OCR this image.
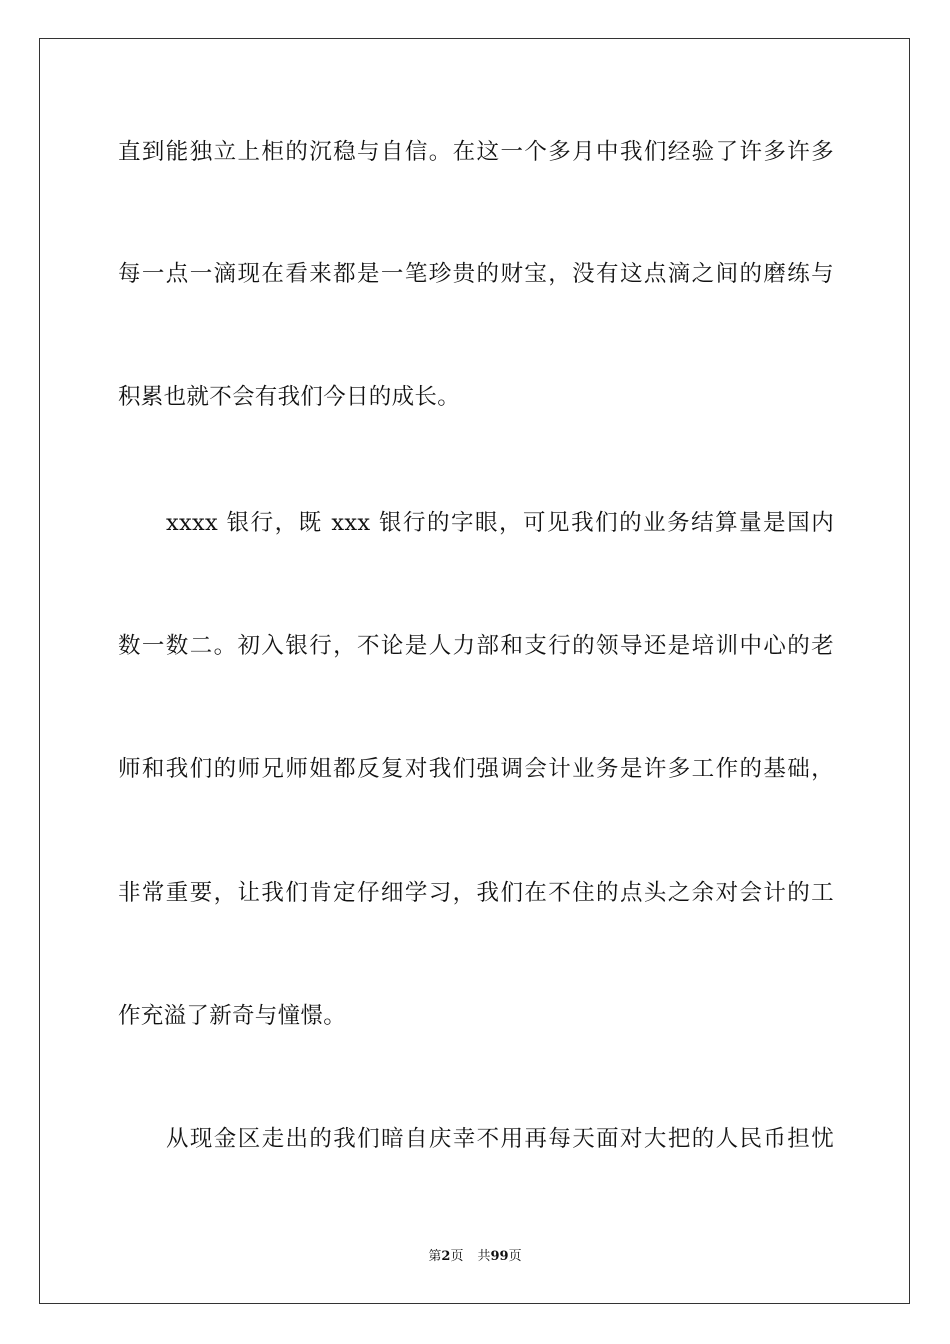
直到能独立上柜的沉稳与自信。在这一个多月中我们经验了许多许多
每一点一滴现在看来都是一笔珍贵的财宝，没有这点滴之间的磨练与
积累也就不会有我们今日的成长。
xxxx 银行，既 xxx 银行的字眼，可见我们的业务结算量是国内
数一数二。初入银行，不论是人力部和支行的领导还是培训中心的老
师和我们的师兄师姐都反复对我们强调会计业务是许多工作的基础，
非常重要，让我们肯定仔细学习，我们在不住的点头之余对会计的工
作充溢了新奇与憧憬。
从现金区走出的我们暗自庆幸不用再每天面对大把的人民币担忧
第2页 共99页
